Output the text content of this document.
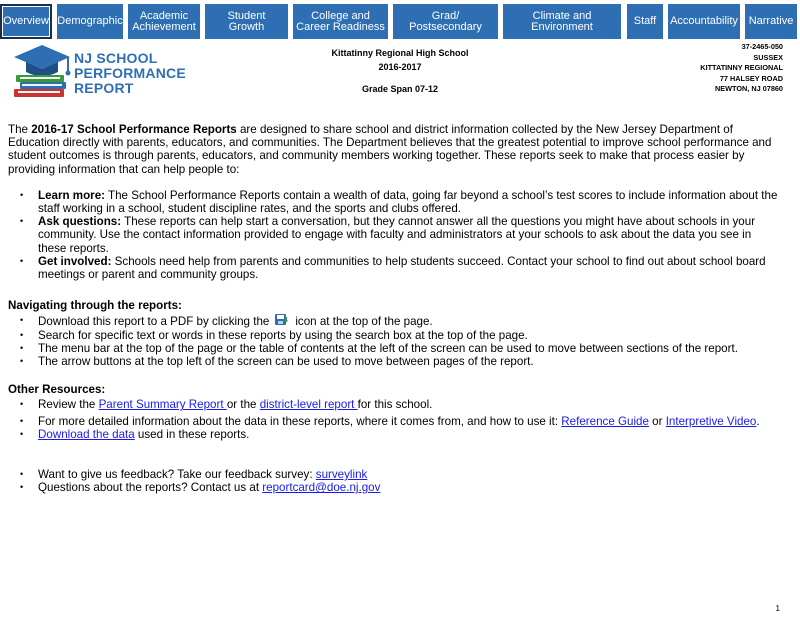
Overview Demographic	Academic
Achievement
Student
Growth
College and
Career Readiness
Grad/
Postsecondary
Climate and
Environment	Staff Accountability Narrative
NJ SCHOOL
PERFORMANCE
REPORT
Kittatinny Regional High School
2016-2017
Grade Span 07-12
37-2465-050
SUSSEX
KITTATINNY REGIONAL
77 HALSEY ROAD
NEWTON, NJ 07860

The 2016-17 School Performance Reports are designed to share school and district information collected by the New Jersey Department of Education directly with parents, educators, and communities. The Department believes that the greatest potential to improve school performance and student outcomes is through parents, educators, and community members working together. These reports seek to make that process easier by providing information that can help people to:

• Learn more: The School Performance Reports contain a wealth of data, going far beyond a school’s test scores to include information about the staff working in a school, student discipline rates, and the sports and clubs offered.
• Ask questions: These reports can help start a conversation, but they cannot answer all the questions you might have about schools in your community. Use the contact information provided to engage with faculty and administrators at your schools to ask about the data you see in these reports.
• Get involved: Schools need help from parents and communities to help students succeed. Contact your school to find out about school board meetings or parent and community groups.

Navigating through the reports:

• Download this report to a PDF by clicking the icon at the top of the page.
• Search for specific text or words in these reports by using the search box at the top of the page.
• The menu bar at the top of the page or the table of contents at the left of the screen can be used to move between sections of the report.
• The arrow buttons at the top left of the screen can be used to move between pages of the report.

Other Resources:

• Review the Parent Summary Report or the district-level report for this school.
• For more detailed information about the data in these reports, where it comes from, and how to use it: Reference Guide or Interpretive Video.
• Download the data used in these reports.
• Want to give us feedback? Take our feedback survey: surveylink
• Questions about the reports? Contact us at reportcard@doe.nj.gov
1
